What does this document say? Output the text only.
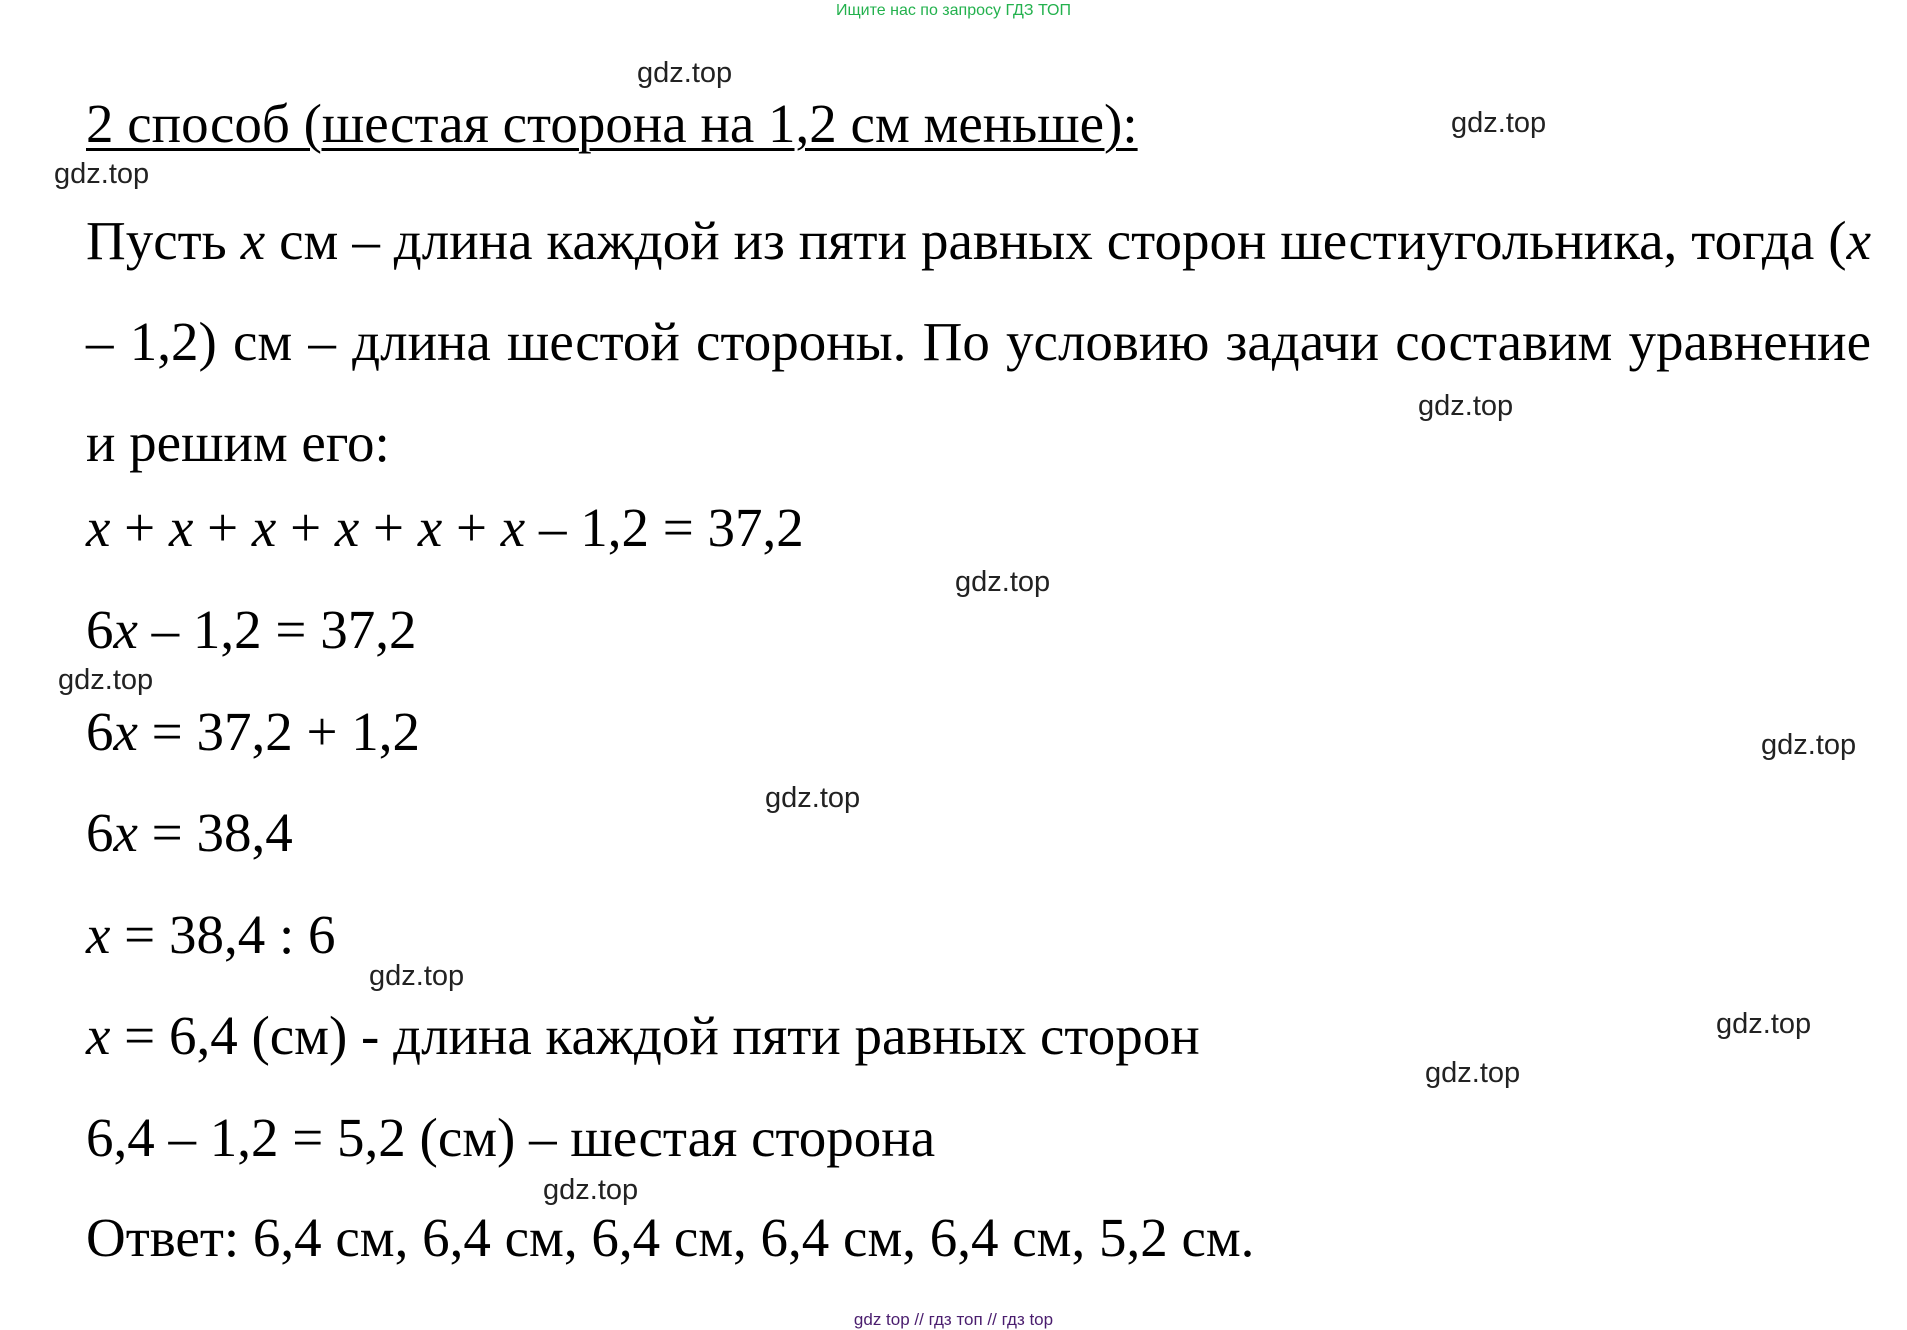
Ищите нас по запросу ГДЗ ТОП
2 способ (шестая сторона на 1,2 см меньше):
Пусть x см – длина каждой из пяти равных сторон шестиугольника, тогда (x – 1,2) см – длина шестой стороны. По условию задачи составим уравнение и решим его:
x + x + x + x + x + x – 1,2 = 37,2
6x – 1,2 = 37,2
6x = 37,2 + 1,2
6x = 38,4
x = 38,4 : 6
x = 6,4 (см) - длина каждой пяти равных сторон
6,4 – 1,2 = 5,2 (см) – шестая сторона
Ответ: 6,4 см, 6,4 см, 6,4 см, 6,4 см, 6,4 см, 5,2 см.
gdz.top
gdz.top
gdz.top
gdz.top
gdz.top
gdz.top
gdz.top
gdz.top
gdz.top
gdz.top
gdz.top
gdz.top
gdz top // гдз топ // гдз top
